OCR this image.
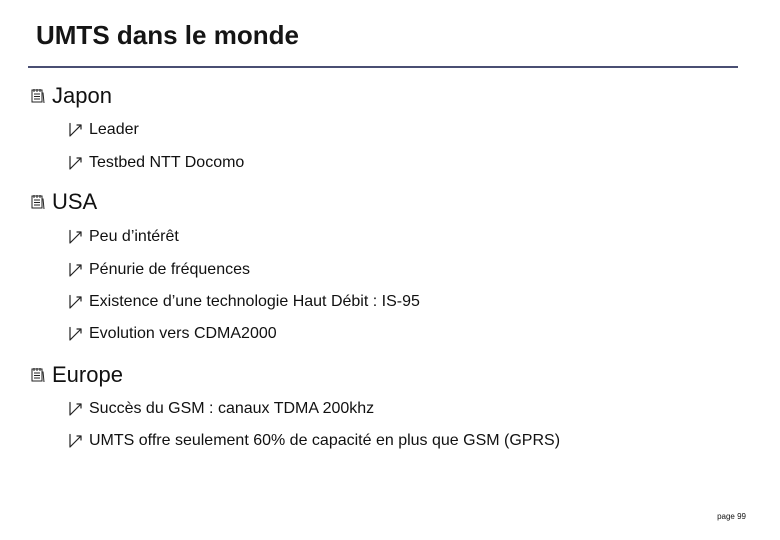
UMTS dans le monde
Japon
Leader
Testbed NTT Docomo
USA
Peu d’intérêt
Pénurie de fréquences
Existence d’une technologie Haut Débit : IS-95
Evolution vers CDMA2000
Europe
Succès du GSM : canaux TDMA 200khz
UMTS offre seulement 60% de capacité en plus que GSM (GPRS)
page 99
